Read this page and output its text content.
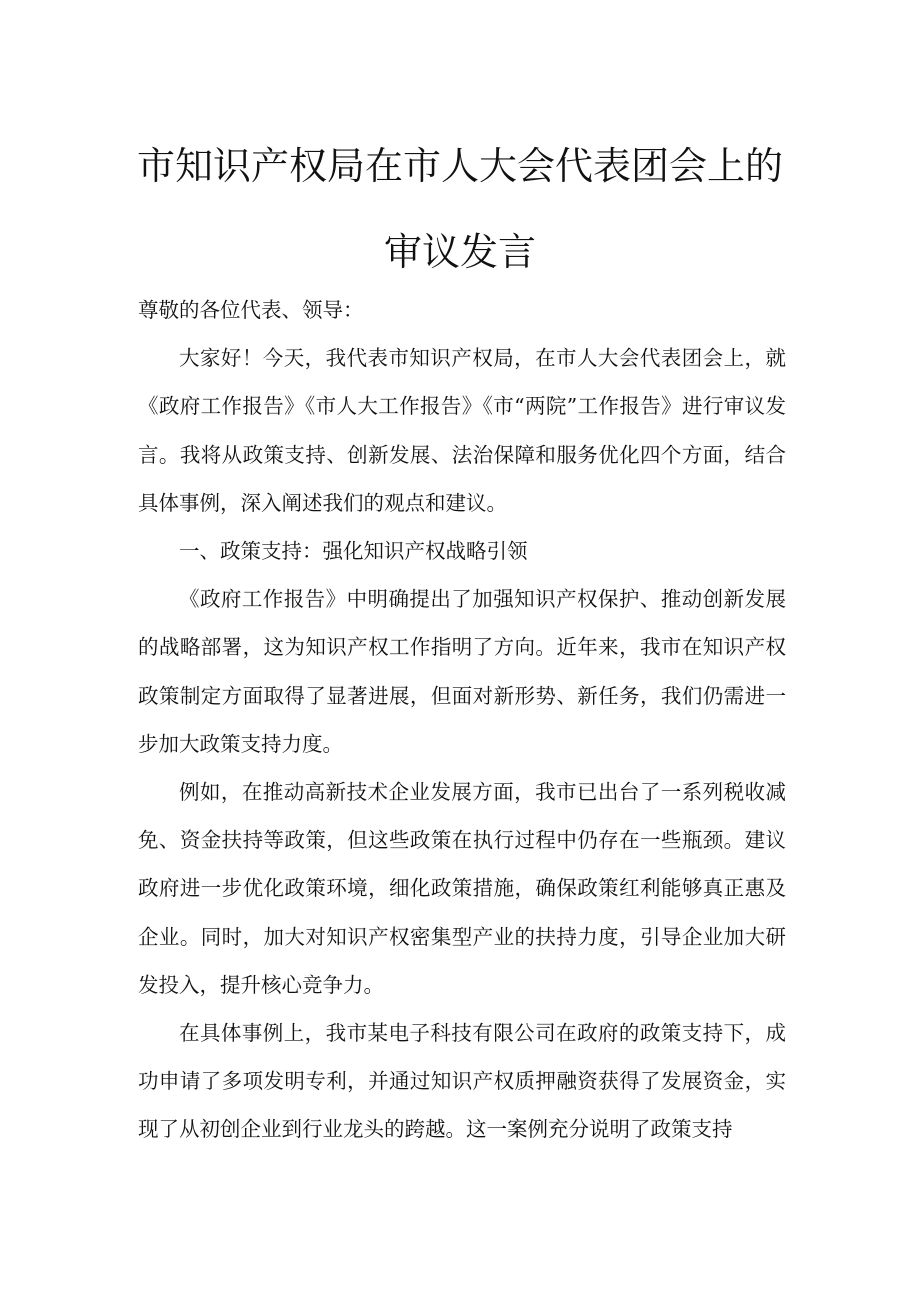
市知识产权局在市人大会代表团会上的
审议发言

尊敬的各位代表、领导：

大家好！今天，我代表市知识产权局，在市人大会代表团会上，就《政府工作报告》《市人大工作报告》《市“两院”工作报告》进行审议发言。我将从政策支持、创新发展、法治保障和服务优化四个方面，结合具体事例，深入阐述我们的观点和建议。

一、政策支持：强化知识产权战略引领

《政府工作报告》中明确提出了加强知识产权保护、推动创新发展的战略部署，这为知识产权工作指明了方向。近年来，我市在知识产权政策制定方面取得了显著进展，但面对新形势、新任务，我们仍需进一步加大政策支持力度。

例如，在推动高新技术企业发展方面，我市已出台了一系列税收减免、资金扶持等政策，但这些政策在执行过程中仍存在一些瓶颈。建议政府进一步优化政策环境，细化政策措施，确保政策红利能够真正惠及企业。同时，加大对知识产权密集型产业的扶持力度，引导企业加大研发投入，提升核心竞争力。

在具体事例上，我市某电子科技有限公司在政府的政策支持下，成功申请了多项发明专利，并通过知识产权质押融资获得了发展资金，实现了从初创企业到行业龙头的跨越。这一案例充分说明了政策支持
